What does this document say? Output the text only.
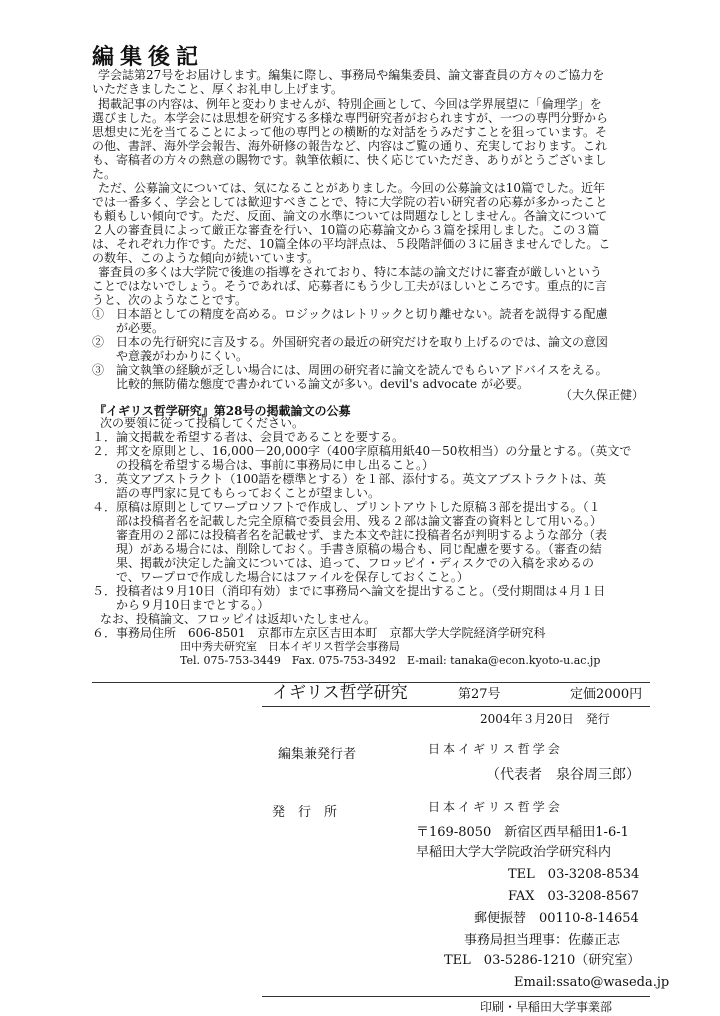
編集後記
学会誌第27号をお届けします。編集に際し、事務局や編集委員、論文審査員の方々のご協力を
いただきましたこと、厚くお礼申し上げます。
掲載記事の内容は、例年と変わりませんが、特別企画として、今回は学界展望に「倫理学」を
選びました。本学会には思想を研究する多様な専門研究者がおられますが、一つの専門分野から
思想史に光を当てることによって他の専門との横断的な対話をうみだすことを狙っています。そ
の他、書評、海外学会報告、海外研修の報告など、内容はご覧の通り、充実しております。これ
も、寄稿者の方々の熱意の賜物です。執筆依頼に、快く応じていただき、ありがとうございまし
た。
ただ、公募論文については、気になることがありました。今回の公募論文は10篇でした。近年
では一番多く、学会としては歓迎すべきことで、特に大学院の若い研究者の応募が多かったこと
も頼もしい傾向です。ただ、反面、論文の水準については問題なしとしません。各論文について
２人の審査員によって厳正な審査を行い、10篇の応募論文から３篇を採用しました。この３篇
は、それぞれ力作です。ただ、10篇全体の平均評点は、５段階評価の３に届きませんでした。こ
の数年、このような傾向が続いています。
審査員の多くは大学院で後進の指導をされており、特に本誌の論文だけに審査が厳しいという
ことではないでしょう。そうであれば、応募者にもう少し工夫がほしいところです。重点的に言
うと、次のようなことです。
①　日本語としての精度を高める。ロジックはレトリックと切り離せない。読者を説得する配慮
　　が必要。
②　日本の先行研究に言及する。外国研究者の最近の研究だけを取り上げるのでは、論文の意図
　　や意義がわかりにくい。
③　論文執筆の経験が乏しい場合には、周囲の研究者に論文を読んでもらいアドバイスをえる。
　　比較的無防備な態度で書かれている論文が多い。devil's advocate が必要。
（大久保正健）
『イギリス哲学研究』第28号の掲載論文の公募
次の要領に従って投稿してください。
１．論文掲載を希望する者は、会員であることを要する。
２．邦文を原則とし、16,000－20,000字（400字原稿用紙40－50枚相当）の分量とする。（英文で
　　の投稿を希望する場合は、事前に事務局に申し出ること。）
３．英文アブストラクト（100語を標準とする）を１部、添付する。英文アブストラクトは、英
　　語の専門家に見てもらっておくことが望ましい。
４．原稿は原則としてワープロソフトで作成し、プリントアウトした原稿３部を提出する。（１
　　部は投稿者名を記載した完全原稿で委員会用、残る２部は論文審査の資料として用いる。）
　　審査用の２部には投稿者名を記載せず、また本文や註に投稿者名が判明するような部分（表
　　現）がある場合には、削除しておく。手書き原稿の場合も、同じ配慮を要する。（審査の結
　　果、掲載が決定した論文については、追って、フロッピイ・ディスクでの入稿を求めるの
　　で、ワープロで作成した場合にはファイルを保存しておくこと。）
５．投稿者は９月10日（消印有効）までに事務局へ論文を提出すること。（受付期間は４月１日
　　から９月10日までとする。）
なお、投稿論文、フロッピイは返却いたしません。
６．事務局住所　606-8501　京都市左京区吉田本町　京都大学大学院経済学研究科
　　　　　　　　田中秀夫研究室　日本イギリス哲学会事務局
　　　　　　　　Tel. 075-753-3449　Fax. 075-753-3492　E-mail: tanaka@econ.kyoto-u.ac.jp
イギリス哲学研究	第27号	定価2000円
2004年３月20日　発行
編集兼発行者	日本イギリス哲学会
（代表者　泉谷周三郎）
発　行　所	日本イギリス哲学会
〒169-8050　新宿区西早稲田1-6-1
早稲田大学大学院政治学研究科内
TEL　03-3208-8534
FAX　03-3208-8567
郵便振替　00110-8-14654
事務局担当理事：佐藤正志
TEL　03-5286-1210（研究室）
Email:ssato@waseda.jp
印刷・早稲田大学事業部
